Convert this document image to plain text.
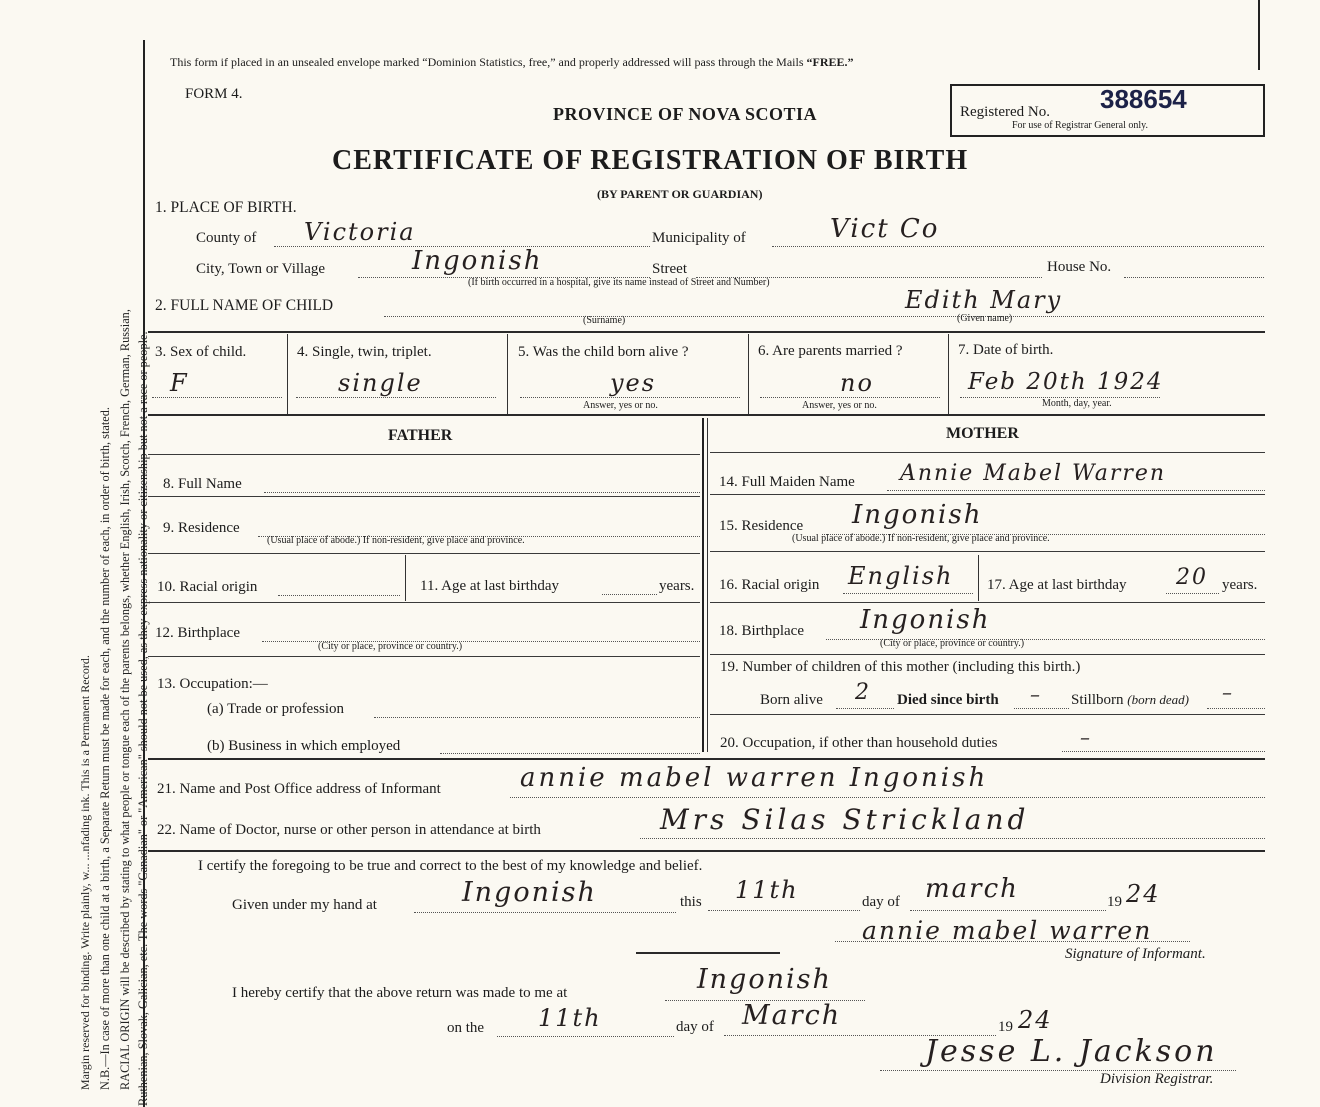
Margin reserved for binding. Write plainly, w... ...nfading ink. This is a Permanent Record. N.B.—In case of more than one child at a birth, a Separate Return must be made for each, and the number of each, in order of birth, stated. RACIAL ORIGIN will be described by stating to what people or tongue each of the parents belongs, whether English, Irish, Scotch, French, German, Russian, Ruthenian, Slovak, Galician, etc. The words "Canadian" or "American" should not be used, as they express nationality or citizenship but not a race or people.
This form if placed in an unsealed envelope marked “Dominion Statistics, free,” and properly addressed will pass through the Mails “FREE.”
FORM 4.
PROVINCE OF NOVA SCOTIA
CERTIFICATE OF REGISTRATION OF BIRTH
(BY PARENT OR GUARDIAN)
Registered No. 388654
For use of Registrar General only.
1. PLACE OF BIRTH.
County of Victoria	Municipality of	Vict Co
City, Town or Village	Ingonish
(If birth occurred in a hospital, give its name instead of Street and Number)
Street	House No.
2. FULL NAME OF CHILD	Edith Mary
(Surname)	(Given name)
3. Sex of child.
F
4. Single, twin, triplet.
single
5. Was the child born alive ?
yes
Answer, yes or no.
6. Are parents married ?
no
Answer, yes or no.
7. Date of birth.
Feb 20th 1924
Month, day, year.
FATHER	MOTHER
8. Full Name	14. Full Maiden Name Annie Mabel Warren
9. Residence
(Usual place of abode.) If non-resident, give place and province.
15. Residence Ingonish
(Usual place of abode.) If non-resident, give place and province.
10. Racial origin	11. Age at last birthday	years. 16. Racial origin English 17. Age at last birthday 20 years.
12. Birthplace
(City or place, province or country.)
18. Birthplace Ingonish
(City or place, province or country.)
13. Occupation:—
(a) Trade or profession
(b) Business in which employed
19. Number of children of this mother (including this birth.)
Born alive 2 Died since birth – Stillborn (born dead) –
20. Occupation, if other than household duties	–
21. Name and Post Office address of Informant	annie mabel warren Ingonish
22. Name of Doctor, nurse or other person in attendance at birth	Mrs Silas Strickland
I certify the foregoing to be true and correct to the best of my knowledge and belief.
Given under my hand at	Ingonish	this 11th	day of march	19 24
annie mabel warren
Signature of Informant.
I hereby certify that the above return was made to me at	Ingonish
on the 11th	day of March	19 24
Jesse L. Jackson
Division Registrar.
